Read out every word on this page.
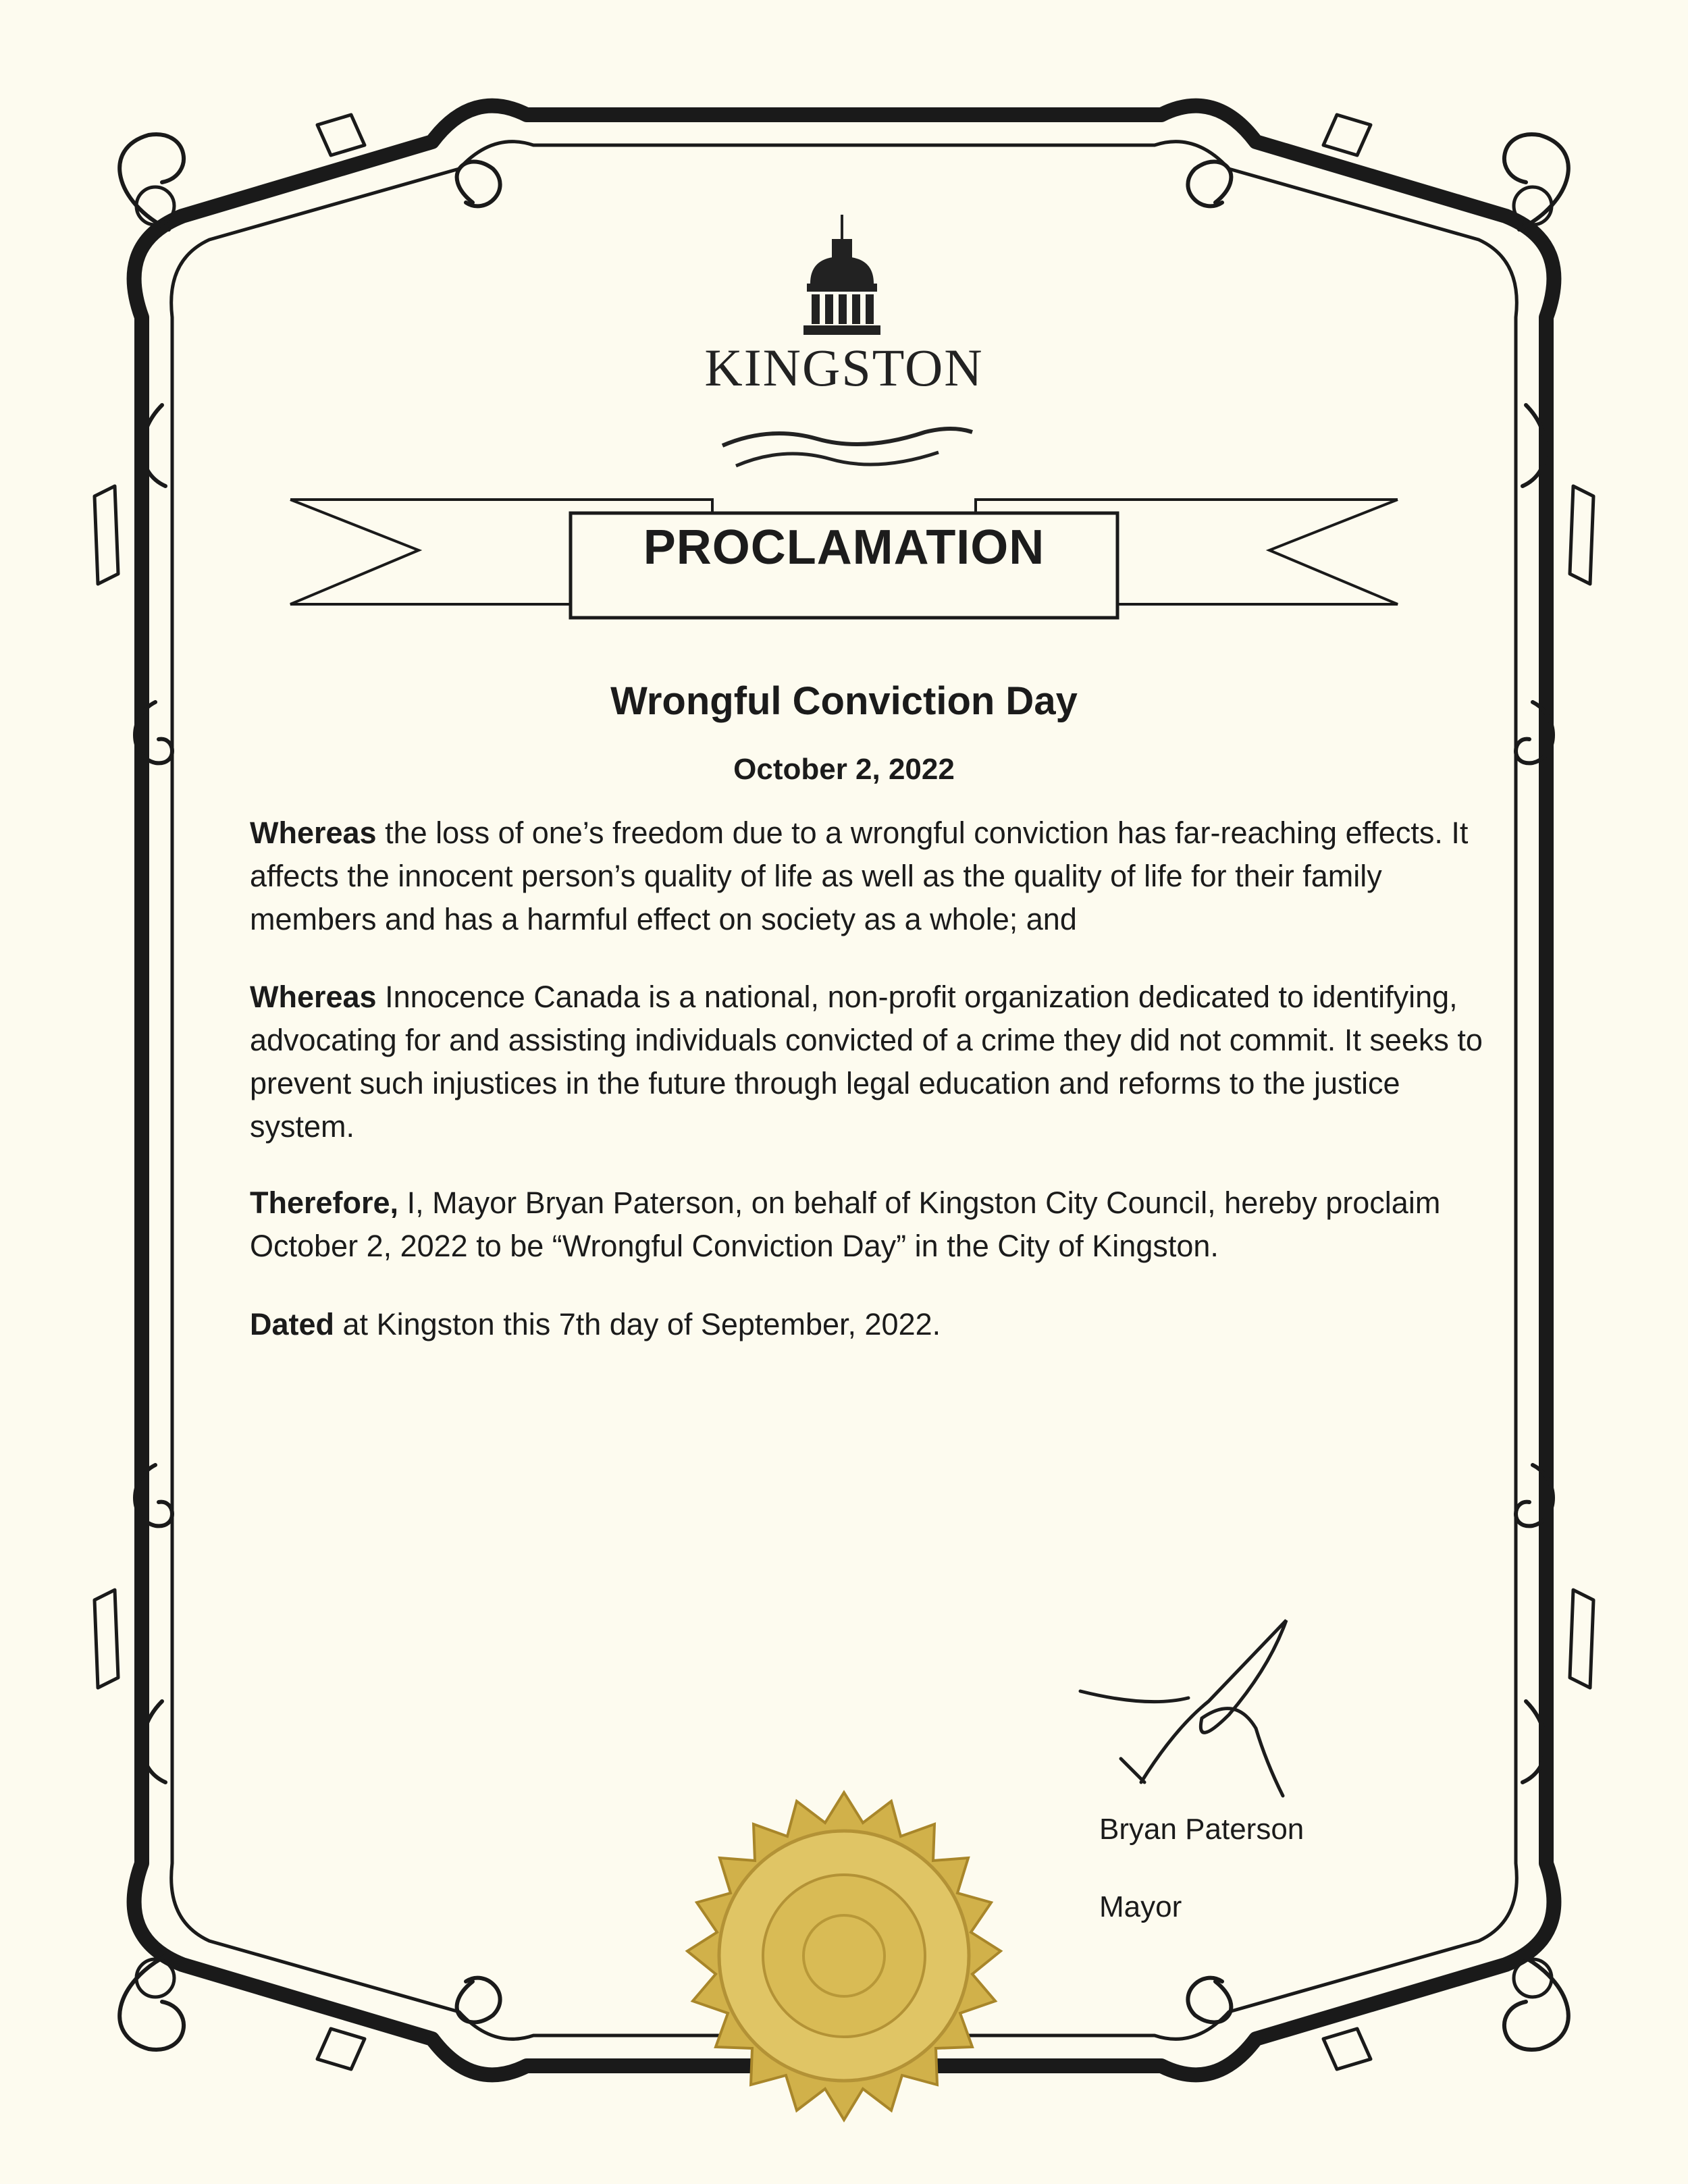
KINGSTON
PROCLAMATION
Wrongful Conviction Day
October 2, 2022
Whereas the loss of one’s freedom due to a wrongful conviction has far-reaching effects. It affects the innocent person’s quality of life as well as the quality of life for their family members and has a harmful effect on society as a whole; and
Whereas Innocence Canada is a national, non-profit organization dedicated to identifying, advocating for and assisting individuals convicted of a crime they did not commit. It seeks to prevent such injustices in the future through legal education and reforms to the justice system.
Therefore, I, Mayor Bryan Paterson, on behalf of Kingston City Council, hereby proclaim October 2, 2022 to be “Wrongful Conviction Day” in the City of Kingston.
Dated at Kingston this 7th day of September, 2022.
Bryan Paterson
Mayor
